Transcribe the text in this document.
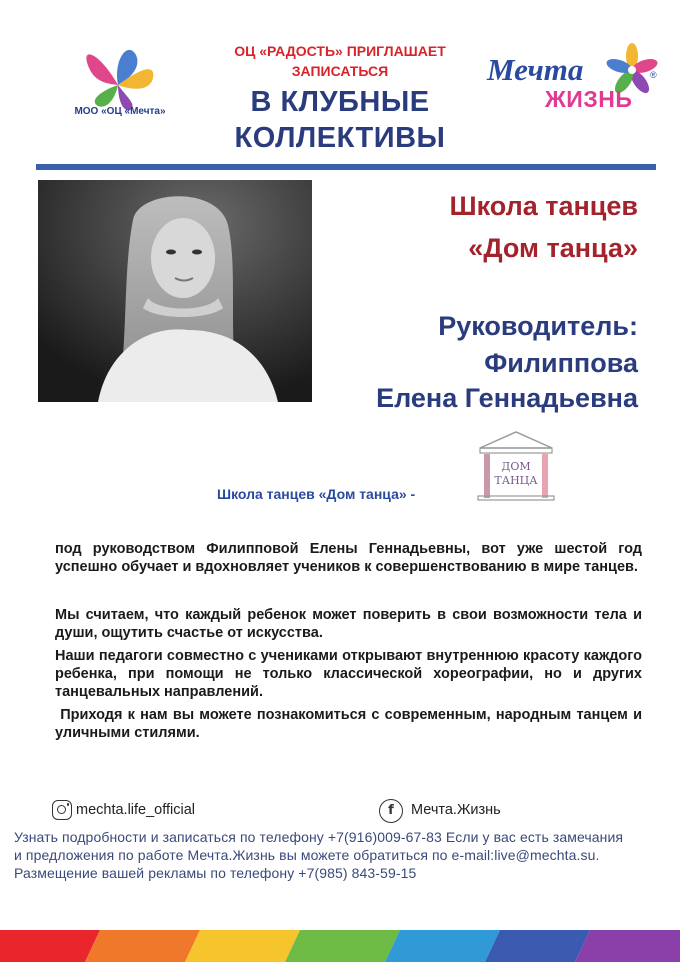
МОО «ОЦ «Мечта»
ОЦ «РАДОСТЬ» ПРИГЛАШАЕТ
ЗАПИСАТЬСЯ
В КЛУБНЫЕ
КОЛЛЕКТИВЫ
Мечта	®
ЖИЗНЬ
Школа танцев
«Дом танца»
Руководитель:
Филиппова
Елена Геннадьевна
Школа танцев «Дом танца» -
ДОМ
ТАНЦА
под руководством Филипповой Елены Геннадьевны, вот уже шестой год успешно обучает и вдохновляет учеников к совершенствованию в мире танцев.
Мы считаем, что каждый ребенок может поверить в свои возможности тела и души, ощутить счастье от искусства.
Наши педагоги совместно с учениками открывают внутреннюю красоту каждого ребенка, при помощи не только классической хореографии, но и других танцевальных направлений.
Приходя к нам вы можете познакомиться с современным, народным танцем и уличными стилями.
mechta.life_official	f	Мечта.Жизнь
Узнать подробности и записаться по телефону +7(916)009-67-83 Если у вас есть замечания
и предложения по работе Мечта.Жизнь вы можете обратиться по e-mail:live@mechta.su.
Размещение вашей рекламы по телефону +7(985) 843-59-15
